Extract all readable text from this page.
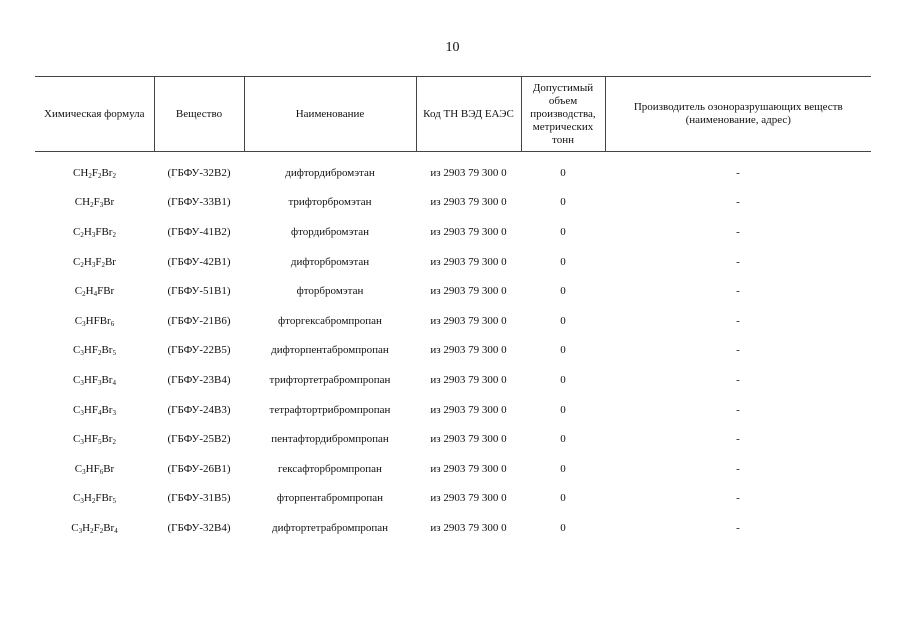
10
Химическая формула	Вещество	Наименование	Код ТН ВЭД ЕАЭС	Допустимый объем производства, метрических тонн	Производитель озоноразрушающих веществ (наименование, адрес)
$CH_2F_2Br_2$	(ГБФУ-32В2)	дифтордибромэтан	из 2903 79 300 0	0	-
$CH_2F_3Br$	(ГБФУ-33В1)	трифторбромэтан	из 2903 79 300 0	0	-
$C_2H_3FBr_2$	(ГБФУ-41В2)	фтордибромэтан	из 2903 79 300 0	0	-
$C_2H_3F_2Br$	(ГБФУ-42В1)	дифторбромэтан	из 2903 79 300 0	0	-
$C_2H_4FBr$	(ГБФУ-51В1)	фторбромэтан	из 2903 79 300 0	0	-
$C_3HFBr_6$	(ГБФУ-21В6)	фторгексабромпропан	из 2903 79 300 0	0	-
$C_3HF_2Br_5$	(ГБФУ-22В5)	дифторпентабромпропан	из 2903 79 300 0	0	-
$C_3HF_3Br_4$	(ГБФУ-23В4)	трифтортетрабромпропан	из 2903 79 300 0	0	-
$C_3HF_4Br_3$	(ГБФУ-24В3)	тетрафтортрибромпропан	из 2903 79 300 0	0	-
$C_3HF_5Br_2$	(ГБФУ-25В2)	пентафтордибромпропан	из 2903 79 300 0	0	-
$C_3HF_6Br$	(ГБФУ-26В1)	гексафторбромпропан	из 2903 79 300 0	0	-
$C_3H_2FBr_5$	(ГБФУ-31В5)	фторпентабромпропан	из 2903 79 300 0	0	-
$C_3H_2F_2Br_4$	(ГБФУ-32В4)	дифтортетрабромпропан	из 2903 79 300 0	0	-
